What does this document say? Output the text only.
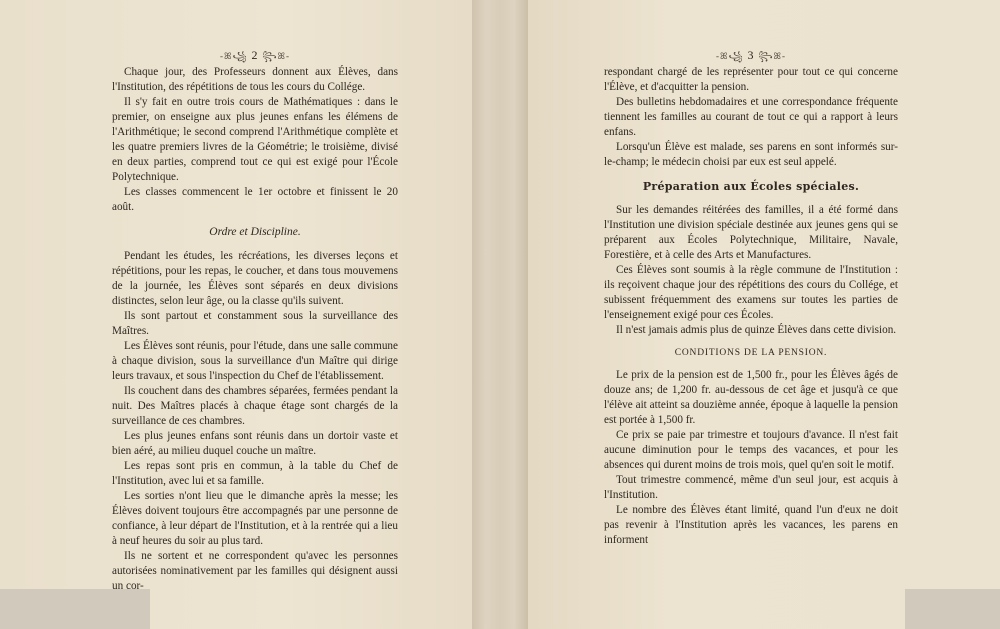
-ꕤ꧁ 2 ꧂ꕤ-

Chaque jour, des Professeurs donnent aux Élèves, dans l'Institution, des répétitions de tous les cours du Collége.

Il s'y fait en outre trois cours de Mathématiques : dans le premier, on enseigne aux plus jeunes enfans les élémens de l'Arithmétique; le second comprend l'Arithmétique complète et les quatre premiers livres de la Géométrie; le troisième, divisé en deux parties, comprend tout ce qui est exigé pour l'École Polytechnique.

Les classes commencent le 1er octobre et finissent le 20 août.

Ordre et Discipline.

Pendant les études, les récréations, les diverses leçons et répétitions, pour les repas, le coucher, et dans tous mouvemens de la journée, les Élèves sont séparés en deux divisions distinctes, selon leur âge, ou la classe qu'ils suivent.

Ils sont partout et constamment sous la surveillance des Maîtres.

Les Élèves sont réunis, pour l'étude, dans une salle commune à chaque division, sous la surveillance d'un Maître qui dirige leurs travaux, et sous l'inspection du Chef de l'établissement.

Ils couchent dans des chambres séparées, fermées pendant la nuit. Des Maîtres placés à chaque étage sont chargés de la surveillance de ces chambres.

Les plus jeunes enfans sont réunis dans un dortoir vaste et bien aéré, au milieu duquel couche un maître.

Les repas sont pris en commun, à la table du Chef de l'Institution, avec lui et sa famille.

Les sorties n'ont lieu que le dimanche après la messe; les Élèves doivent toujours être accompagnés par une personne de confiance, à leur départ de l'Institution, et à la rentrée qui a lieu à neuf heures du soir au plus tard.

Ils ne sortent et ne correspondent qu'avec les personnes autorisées nominativement par les familles qui désignent aussi un cor-

-ꕤ꧁ 3 ꧂ꕤ-

respondant chargé de les représenter pour tout ce qui concerne l'Élève, et d'acquitter la pension.

Des bulletins hebdomadaires et une correspondance fréquente tiennent les familles au courant de tout ce qui a rapport à leurs enfans.

Lorsqu'un Élève est malade, ses parens en sont informés sur-le-champ; le médecin choisi par eux est seul appelé.

Préparation aux Écoles spéciales.

Sur les demandes réitérées des familles, il a été formé dans l'Institution une division spéciale destinée aux jeunes gens qui se préparent aux Écoles Polytechnique, Militaire, Navale, Forestière, et à celle des Arts et Manufactures.

Ces Élèves sont soumis à la règle commune de l'Institution : ils reçoivent chaque jour des répétitions des cours du Collége, et subissent fréquemment des examens sur toutes les parties de l'enseignement exigé pour ces Écoles.

Il n'est jamais admis plus de quinze Élèves dans cette division.

CONDITIONS DE LA PENSION.

Le prix de la pension est de 1,500 fr., pour les Élèves âgés de douze ans; de 1,200 fr. au-dessous de cet âge et jusqu'à ce que l'élève ait atteint sa douzième année, époque à laquelle la pension est portée à 1,500 fr.

Ce prix se paie par trimestre et toujours d'avance. Il n'est fait aucune diminution pour le temps des vacances, et pour les absences qui durent moins de trois mois, quel qu'en soit le motif.

Tout trimestre commencé, même d'un seul jour, est acquis à l'Institution.

Le nombre des Élèves étant limité, quand l'un d'eux ne doit pas revenir à l'Institution après les vacances, les parens en informent
